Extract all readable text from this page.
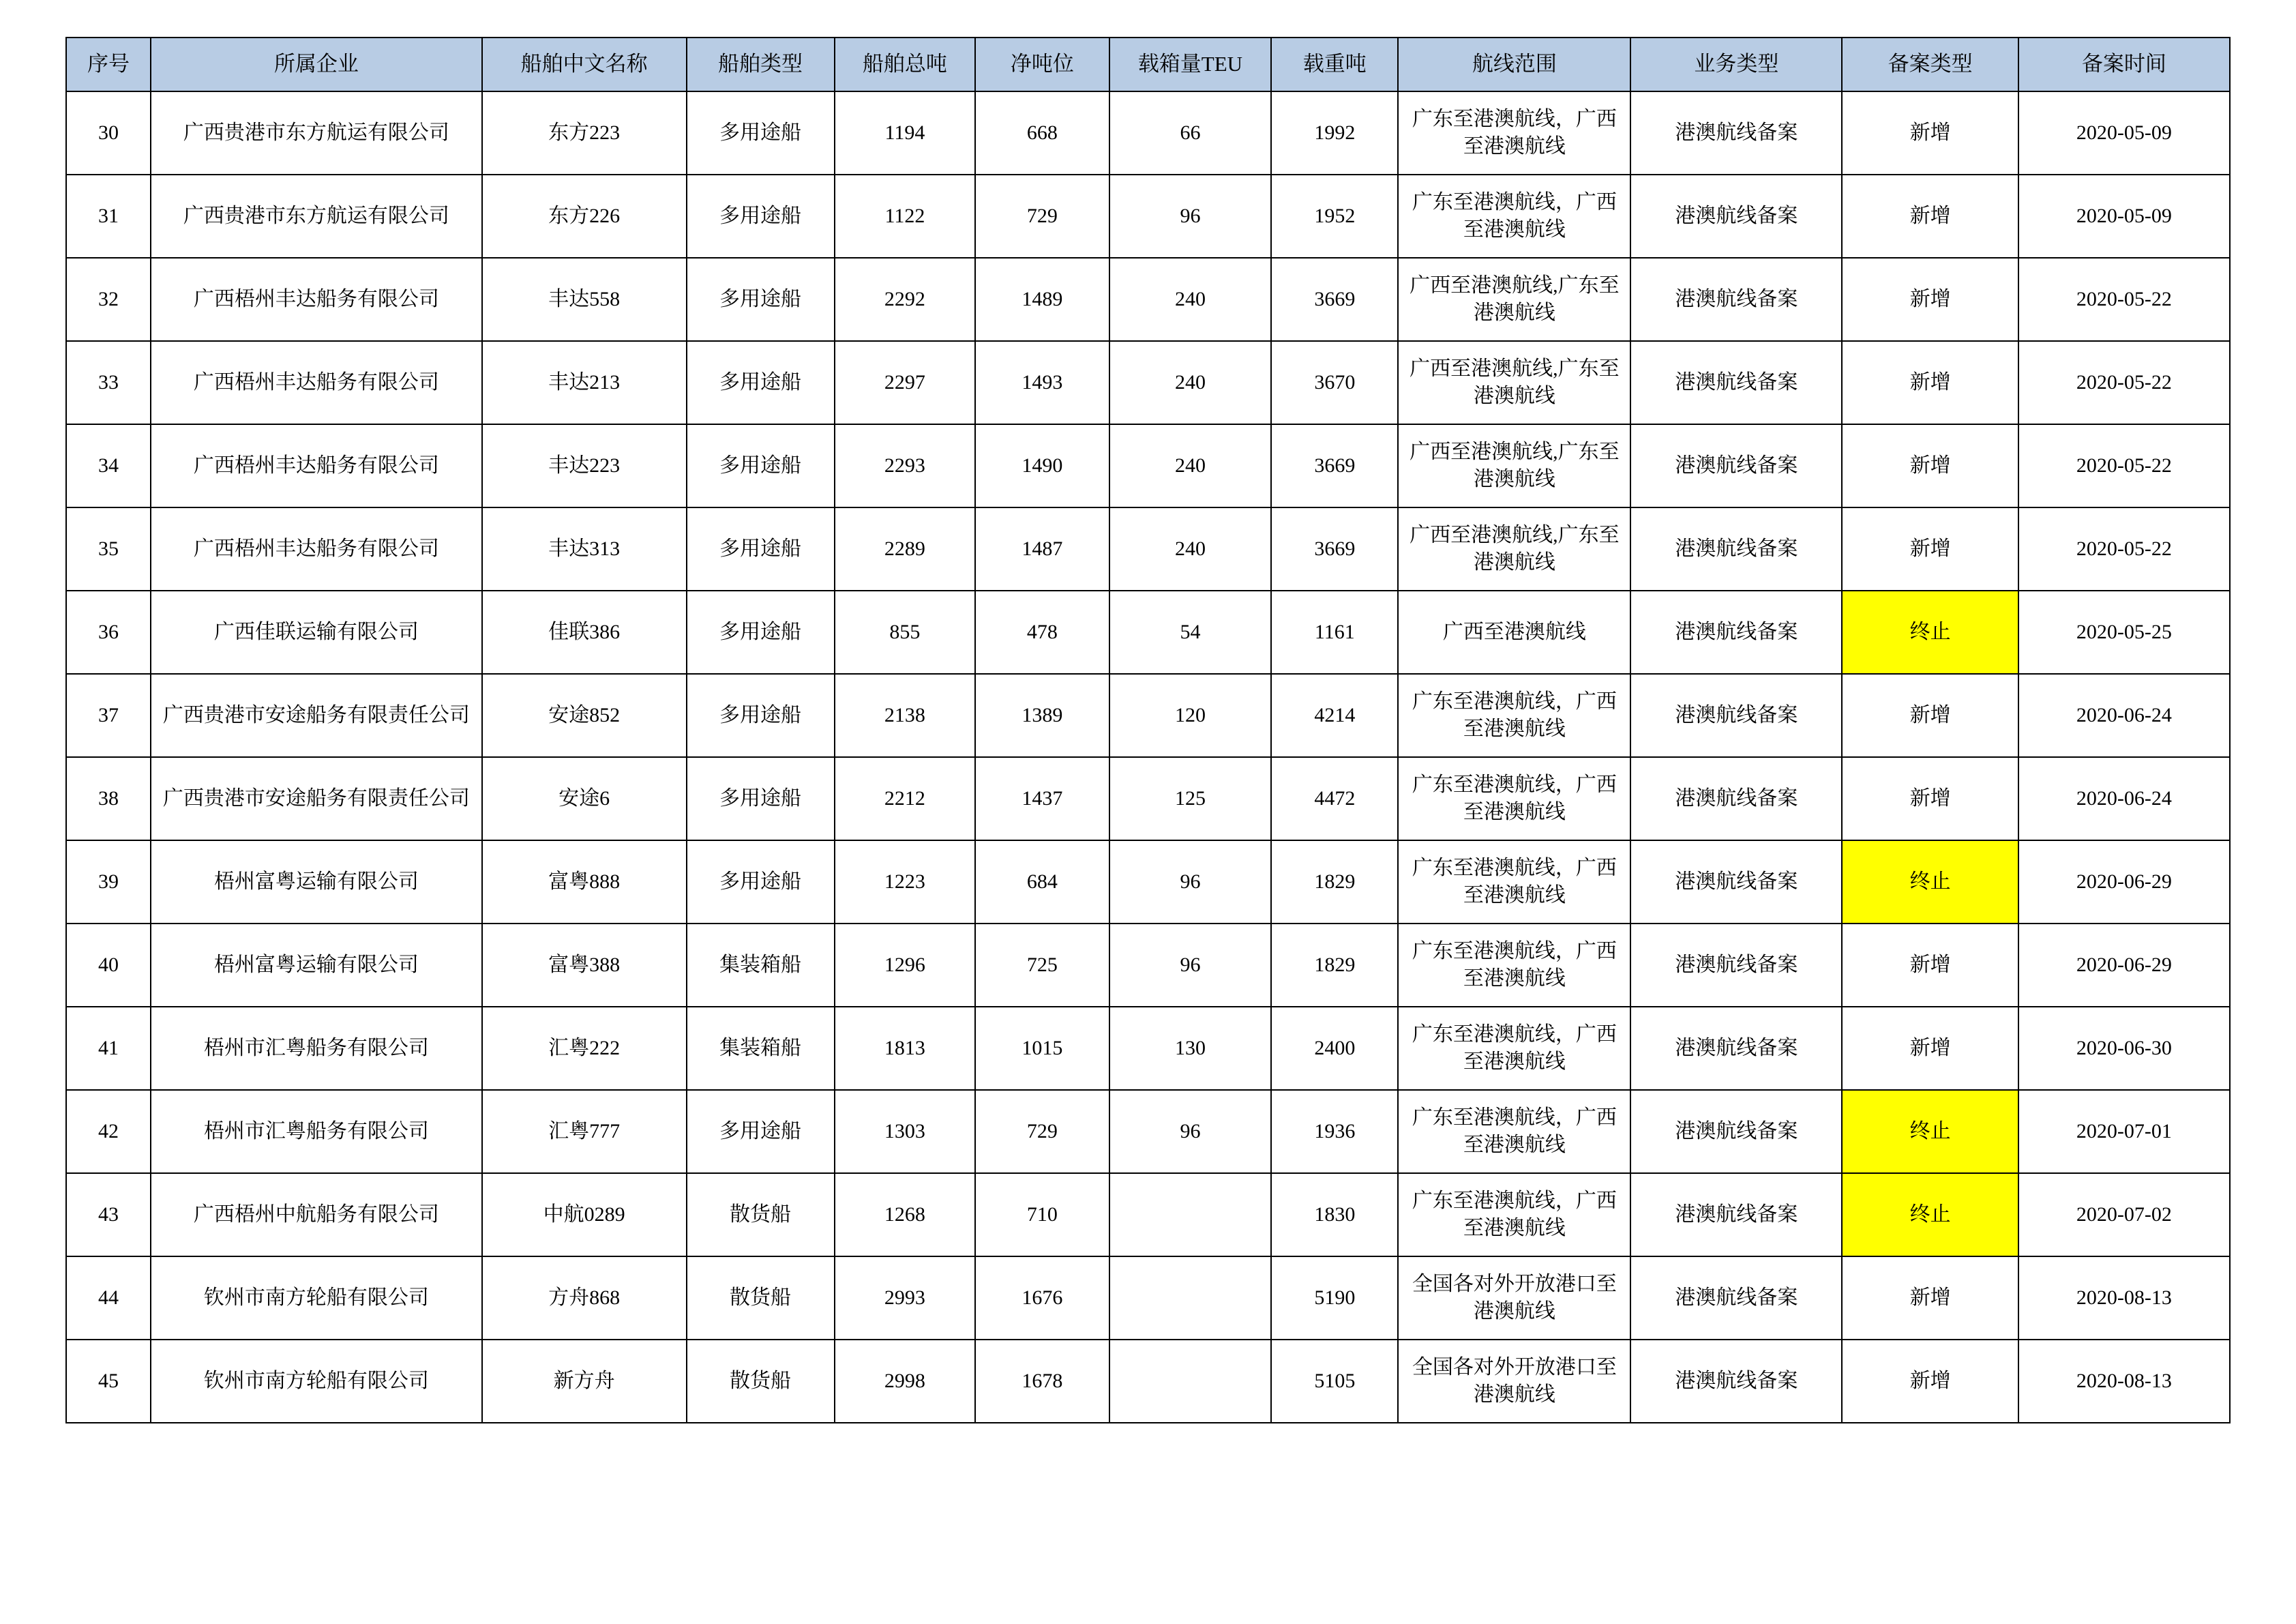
序号	所属企业	船舶中文名称	船舶类型	船舶总吨	净吨位	载箱量TEU	载重吨	航线范围	业务类型	备案类型	备案时间
30	广西贵港市东方航运有限公司	东方223	多用途船	1194	668	66	1992	广东至港澳航线，广西至港澳航线	港澳航线备案	新增	2020-05-09
31	广西贵港市东方航运有限公司	东方226	多用途船	1122	729	96	1952	广东至港澳航线，广西至港澳航线	港澳航线备案	新增	2020-05-09
32	广西梧州丰达船务有限公司	丰达558	多用途船	2292	1489	240	3669	广西至港澳航线,广东至港澳航线	港澳航线备案	新增	2020-05-22
33	广西梧州丰达船务有限公司	丰达213	多用途船	2297	1493	240	3670	广西至港澳航线,广东至港澳航线	港澳航线备案	新增	2020-05-22
34	广西梧州丰达船务有限公司	丰达223	多用途船	2293	1490	240	3669	广西至港澳航线,广东至港澳航线	港澳航线备案	新增	2020-05-22
35	广西梧州丰达船务有限公司	丰达313	多用途船	2289	1487	240	3669	广西至港澳航线,广东至港澳航线	港澳航线备案	新增	2020-05-22
36	广西佳联运输有限公司	佳联386	多用途船	855	478	54	1161	广西至港澳航线	港澳航线备案	终止	2020-05-25
37	广西贵港市安途船务有限责任公司	安途852	多用途船	2138	1389	120	4214	广东至港澳航线，广西至港澳航线	港澳航线备案	新增	2020-06-24
38	广西贵港市安途船务有限责任公司	安途6	多用途船	2212	1437	125	4472	广东至港澳航线，广西至港澳航线	港澳航线备案	新增	2020-06-24
39	梧州富粤运输有限公司	富粤888	多用途船	1223	684	96	1829	广东至港澳航线，广西至港澳航线	港澳航线备案	终止	2020-06-29
40	梧州富粤运输有限公司	富粤388	集装箱船	1296	725	96	1829	广东至港澳航线，广西至港澳航线	港澳航线备案	新增	2020-06-29
41	梧州市汇粤船务有限公司	汇粤222	集装箱船	1813	1015	130	2400	广东至港澳航线，广西至港澳航线	港澳航线备案	新增	2020-06-30
42	梧州市汇粤船务有限公司	汇粤777	多用途船	1303	729	96	1936	广东至港澳航线，广西至港澳航线	港澳航线备案	终止	2020-07-01
43	广西梧州中航船务有限公司	中航0289	散货船	1268	710		1830	广东至港澳航线，广西至港澳航线	港澳航线备案	终止	2020-07-02
44	钦州市南方轮船有限公司	方舟868	散货船	2993	1676		5190	全国各对外开放港口至港澳航线	港澳航线备案	新增	2020-08-13
45	钦州市南方轮船有限公司	新方舟	散货船	2998	1678		5105	全国各对外开放港口至港澳航线	港澳航线备案	新增	2020-08-13
